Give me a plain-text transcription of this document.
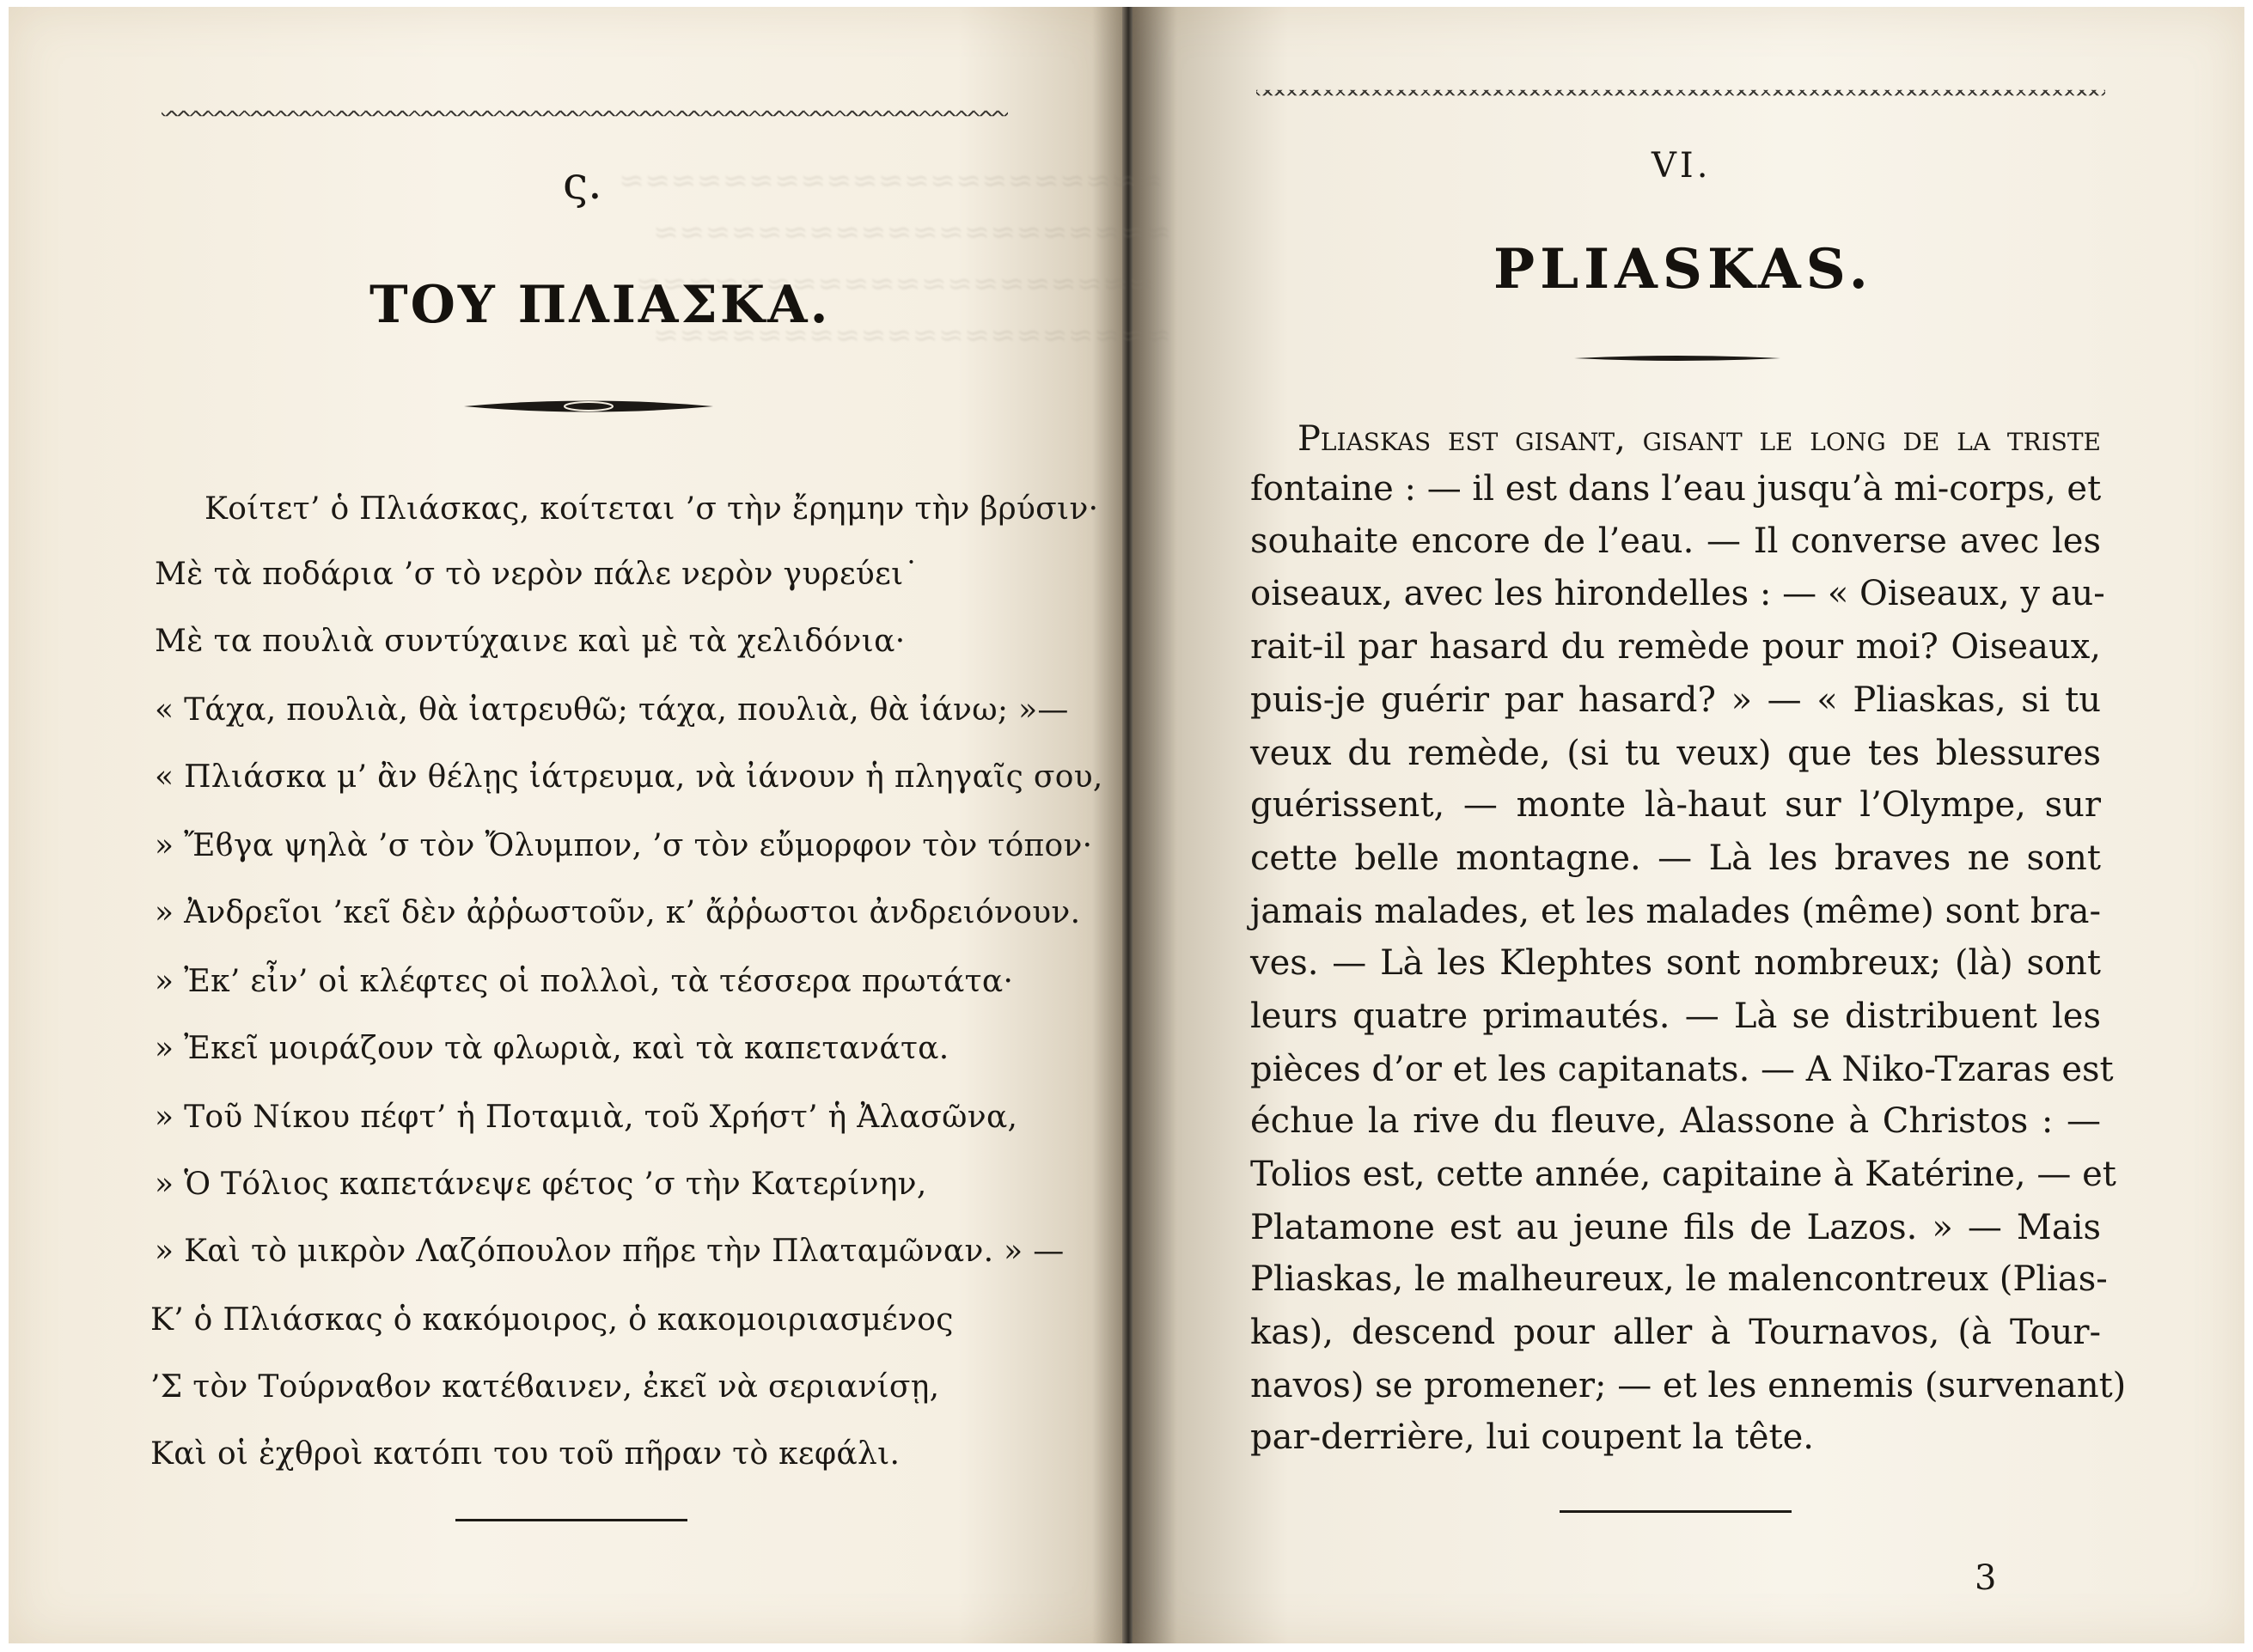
≈≈≈≈≈≈≈≈≈≈≈≈≈≈≈≈≈≈≈≈≈
≈≈≈≈≈≈≈≈≈≈≈≈≈≈≈≈≈≈≈≈
≈≈≈≈≈≈≈≈≈≈≈≈≈≈≈≈≈≈≈≈
≈≈≈≈≈≈≈≈≈≈≈≈≈≈≈≈≈≈≈≈
ς.
ΤΟΥ ΠΛΙΑΣΚΑ.
Κοίτετ’ ὁ Πλιάσκας, κοίτεται ’σ τὴν ἔρημην τὴν βρύσιν·
Μὲ τὰ ποδάρια ’σ τὸ νερὸν πάλε νερὸν γυρεύει˙
Μὲ τα πουλιὰ συντύχαινε καὶ μὲ τὰ χελιδόνια·
« Τάχα, πουλιὰ, θὰ ἰατρευθῶ; τάχα, πουλιὰ, θὰ ἰάνω; »—
« Πλιάσκα μ’ ἂν θέλῃς ἰάτρευμα, νὰ ἰάνουν ἡ πληγαῖς σου,
» Ἔϐγα ψηλὰ ’σ τὸν Ὄλυμπον, ’σ τὸν εὔμορφον τὸν τόπον·
» Ἀνδρεῖοι ’κεῖ δὲν ἀῤῥωστοῦν, κ’ ἄῤῥωστοι ἀνδρειόνουν.
» Ἐκ’ εἶν’ οἱ κλέφτες οἱ πολλοὶ, τὰ τέσσερα πρωτάτα·
» Ἐκεῖ μοιράζουν τὰ φλωριὰ, καὶ τὰ καπετανάτα.
» Τοῦ Νίκου πέφτ’ ἡ Ποταμιὰ, τοῦ Χρήστ’ ἡ Ἀλασῶνα,
» Ὁ Τόλιος καπετάνεψε φέτος ’σ τὴν Κατερίνην,
» Καὶ τὸ μικρὸν Λαζόπουλον πῆρε τὴν Πλαταμῶναν. » —
Κ’ ὁ Πλιάσκας ὁ κακόμοιρος, ὁ κακομοιριασμένος
’Σ τὸν Τούρναϐον κατέϐαινεν, ἐκεῖ νὰ σεριανίσῃ,
Καὶ οἱ ἐχθροὶ κατόπι του τοῦ πῆραν τὸ κεφάλι.
VI.
PLIASKAS.
Pliaskas est gisant, gisant le long de la triste
fontaine : — il est dans l’eau jusqu’à mi-corps, et
souhaite encore de l’eau. — Il converse avec les
oiseaux, avec les hirondelles : — « Oiseaux, y au-
rait-il par hasard du remède pour moi? Oiseaux,
puis-je guérir par hasard? » — « Pliaskas, si tu
veux du remède, (si tu veux) que tes blessures
guérissent, — monte là-haut sur l’Olympe, sur
cette belle montagne. — Là les braves ne sont
jamais malades, et les malades (même) sont bra-
ves. — Là les Klephtes sont nombreux; (là) sont
leurs quatre primautés. — Là se distribuent les
pièces d’or et les capitanats. — A Niko-Tzaras est
échue la rive du fleuve, Alassone à Christos : —
Tolios est, cette année, capitaine à Katérine, — et
Platamone est au jeune fils de Lazos. » — Mais
Pliaskas, le malheureux, le malencontreux (Plias-
kas), descend pour aller à Tournavos, (à Tour-
navos) se promener; — et les ennemis (survenant)
par-derrière, lui coupent la tête.
3
